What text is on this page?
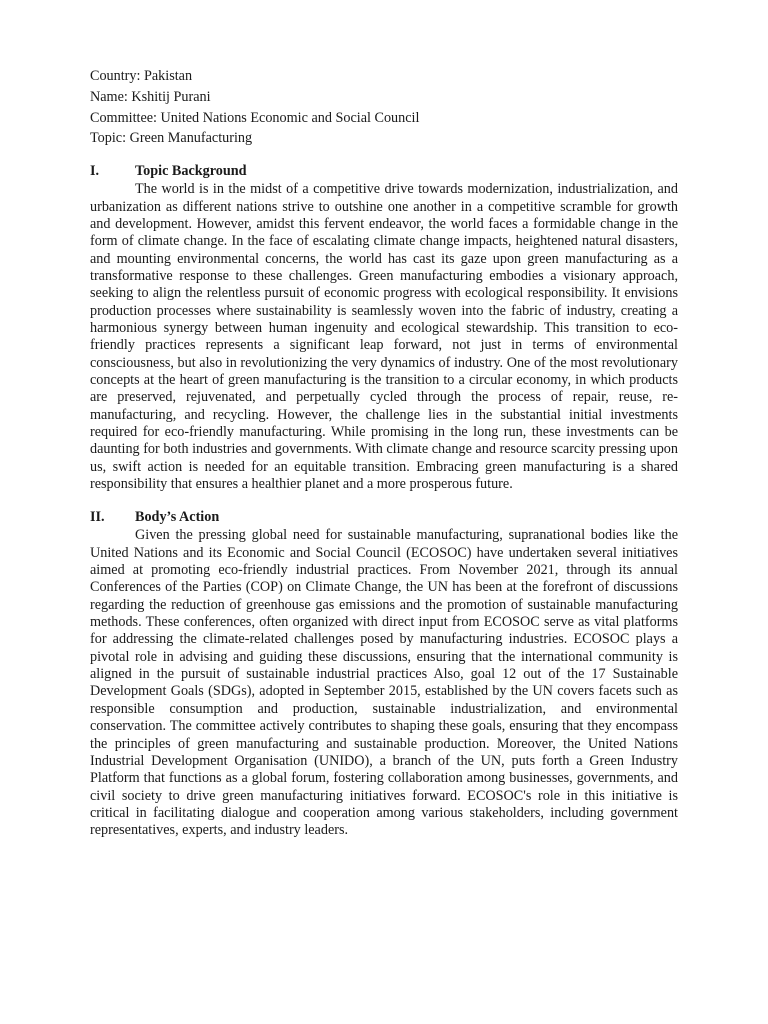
Country: Pakistan

Name: Kshitij Purani

Committee: United Nations Economic and Social Council

Topic: Green Manufacturing

I.	Topic Background

The world is in the midst of a competitive drive towards modernization, industrialization, and urbanization as different nations strive to outshine one another in a competitive scramble for growth and development. However, amidst this fervent endeavor, the world faces a formidable change in the form of climate change. In the face of escalating climate change impacts, heightened natural disasters, and mounting environmental concerns, the world has cast its gaze upon green manufacturing as a transformative response to these challenges. Green manufacturing embodies a visionary approach, seeking to align the relentless pursuit of economic progress with ecological responsibility. It envisions production processes where sustainability is seamlessly woven into the fabric of industry, creating a harmonious synergy between human ingenuity and ecological stewardship. This transition to eco-friendly practices represents a significant leap forward, not just in terms of environmental consciousness, but also in revolutionizing the very dynamics of industry. One of the most revolutionary concepts at the heart of green manufacturing is the transition to a circular economy, in which products are preserved, rejuvenated, and perpetually cycled through the process of repair, reuse, re-manufacturing, and recycling. However, the challenge lies in the substantial initial investments required for eco-friendly manufacturing. While promising in the long run, these investments can be daunting for both industries and governments. With climate change and resource scarcity pressing upon us, swift action is needed for an equitable transition. Embracing green manufacturing is a shared responsibility that ensures a healthier planet and a more prosperous future.

II. Body’s Action

Given the pressing global need for sustainable manufacturing, supranational bodies like the United Nations and its Economic and Social Council (ECOSOC) have undertaken several initiatives aimed at promoting eco-friendly industrial practices. From November 2021, through its annual Conferences of the Parties (COP) on Climate Change, the UN has been at the forefront of discussions regarding the reduction of greenhouse gas emissions and the promotion of sustainable manufacturing methods. These conferences, often organized with direct input from ECOSOC serve as vital platforms for addressing the climate-related challenges posed by manufacturing industries. ECOSOC plays a pivotal role in advising and guiding these discussions, ensuring that the international community is aligned in the pursuit of sustainable industrial practices Also, goal 12 out of the 17 Sustainable Development Goals (SDGs), adopted in September 2015, established by the UN covers facets such as responsible consumption and production, sustainable industrialization, and environmental conservation. The committee actively contributes to shaping these goals, ensuring that they encompass the principles of green manufacturing and sustainable production. Moreover, the United Nations Industrial Development Organisation (UNIDO), a branch of the UN, puts forth a Green Industry Platform that functions as a global forum, fostering collaboration among businesses, governments, and civil society to drive green manufacturing initiatives forward. ECOSOC's role in this initiative is critical in facilitating dialogue and cooperation among various stakeholders, including government representatives, experts, and industry leaders.
